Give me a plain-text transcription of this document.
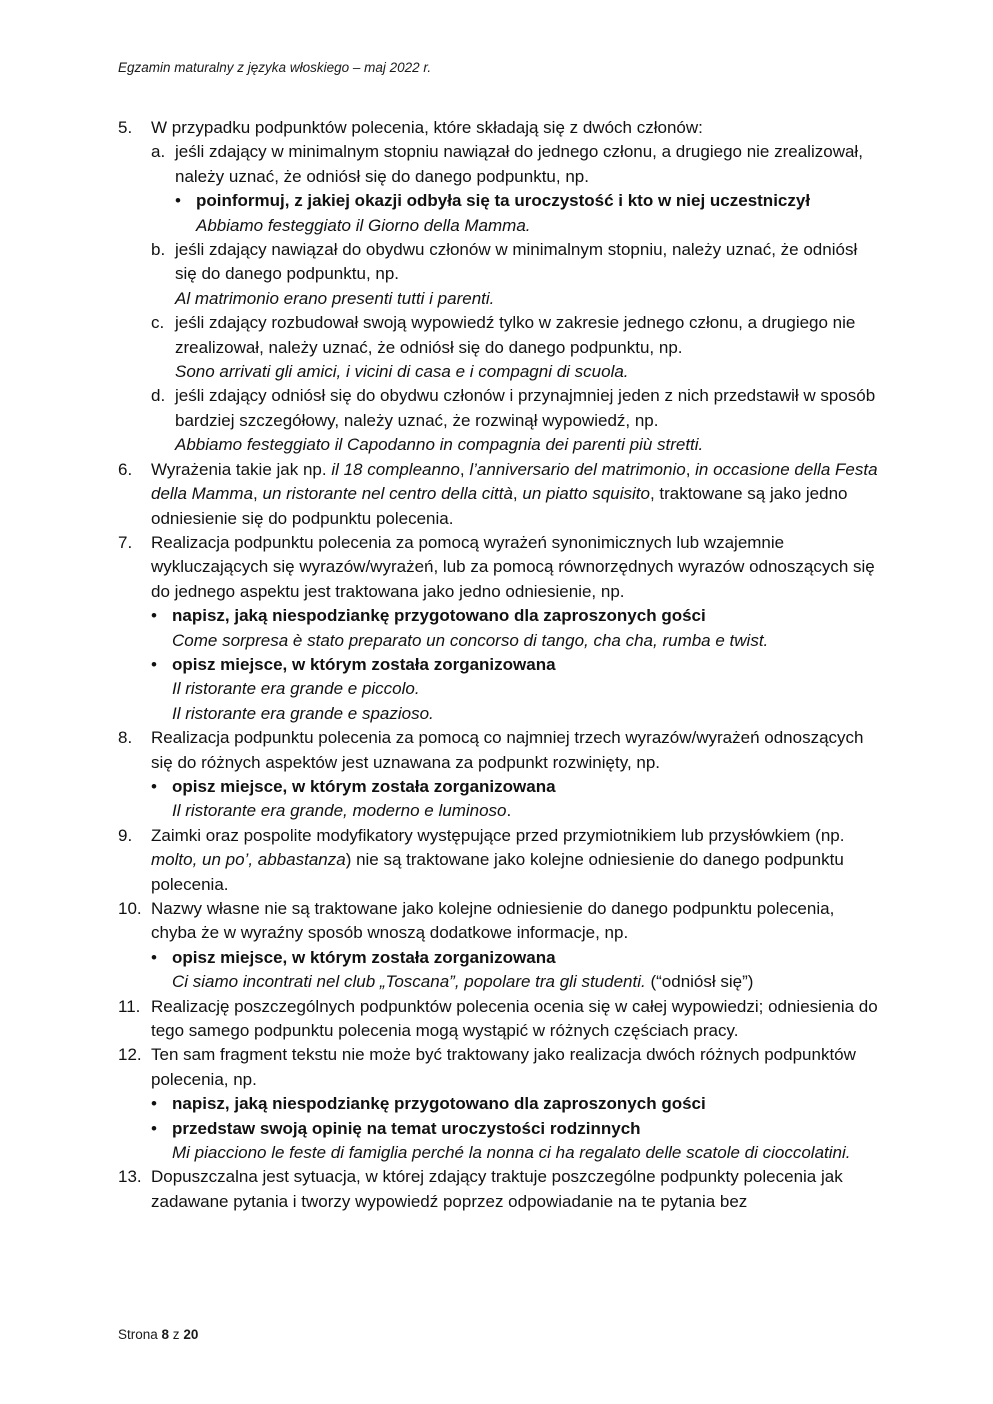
Egzamin maturalny z języka włoskiego – maj 2022 r.
5. W przypadku podpunktów polecenia, które składają się z dwóch członów:
a. jeśli zdający w minimalnym stopniu nawiązał do jednego członu, a drugiego nie zrealizował, należy uznać, że odniósł się do danego podpunktu, np.
• poinformuj, z jakiej okazji odbyła się ta uroczystość i kto w niej uczestniczył
Abbiamo festeggiato il Giorno della Mamma.
b. jeśli zdający nawiązał do obydwu członów w minimalnym stopniu, należy uznać, że odniósł się do danego podpunktu, np.
Al matrimonio erano presenti tutti i parenti.
c. jeśli zdający rozbudował swoją wypowiedź tylko w zakresie jednego członu, a drugiego nie zrealizował, należy uznać, że odniósł się do danego podpunktu, np.
Sono arrivati gli amici, i vicini di casa e i compagni di scuola.
d. jeśli zdający odniósł się do obydwu członów i przynajmniej jeden z nich przedstawił w sposób bardziej szczegółowy, należy uznać, że rozwinął wypowiedź, np.
Abbiamo festeggiato il Capodanno in compagnia dei parenti più stretti.
6. Wyrażenia takie jak np. il 18 compleanno, l’anniversario del matrimonio, in occasione della Festa della Mamma, un ristorante nel centro della città, un piatto squisito, traktowane są jako jedno odniesienie się do podpunktu polecenia.
7. Realizacja podpunktu polecenia za pomocą wyrażeń synonimicznych lub wzajemnie wykluczających się wyrazów/wyrażeń, lub za pomocą równorzędnych wyrazów odnoszących się do jednego aspektu jest traktowana jako jedno odniesienie, np.
• napisz, jaką niespodziankę przygotowano dla zaproszonych gości
Come sorpresa è stato preparato un concorso di tango, cha cha, rumba e twist.
• opisz miejsce, w którym została zorganizowana
Il ristorante era grande e piccolo.
Il ristorante era grande e spazioso.
8. Realizacja podpunktu polecenia za pomocą co najmniej trzech wyrazów/wyrażeń odnoszących się do różnych aspektów jest uznawana za podpunkt rozwinięty, np.
• opisz miejsce, w którym została zorganizowana
Il ristorante era grande, moderno e luminoso.
9. Zaimki oraz pospolite modyfikatory występujące przed przymiotnikiem lub przysłówkiem (np. molto, un po’, abbastanza) nie są traktowane jako kolejne odniesienie do danego podpunktu polecenia.
10. Nazwy własne nie są traktowane jako kolejne odniesienie do danego podpunktu polecenia, chyba że w wyraźny sposób wnoszą dodatkowe informacje, np.
• opisz miejsce, w którym została zorganizowana
Ci siamo incontrati nel club „Toscana”, popolare tra gli studenti. (“odniósł się”)
11. Realizację poszczególnych podpunktów polecenia ocenia się w całej wypowiedzi; odniesienia do tego samego podpunktu polecenia mogą wystąpić w różnych częściach pracy.
12. Ten sam fragment tekstu nie może być traktowany jako realizacja dwóch różnych podpunktów polecenia, np.
• napisz, jaką niespodziankę przygotowano dla zaproszonych gości
• przedstaw swoją opinię na temat uroczystości rodzinnych
Mi piacciono le feste di famiglia perché la nonna ci ha regalato delle scatole di cioccolatini.
13. Dopuszczalna jest sytuacja, w której zdający traktuje poszczególne podpunkty polecenia jak zadawane pytania i tworzy wypowiedź poprzez odpowiadanie na te pytania bez
Strona 8 z 20
